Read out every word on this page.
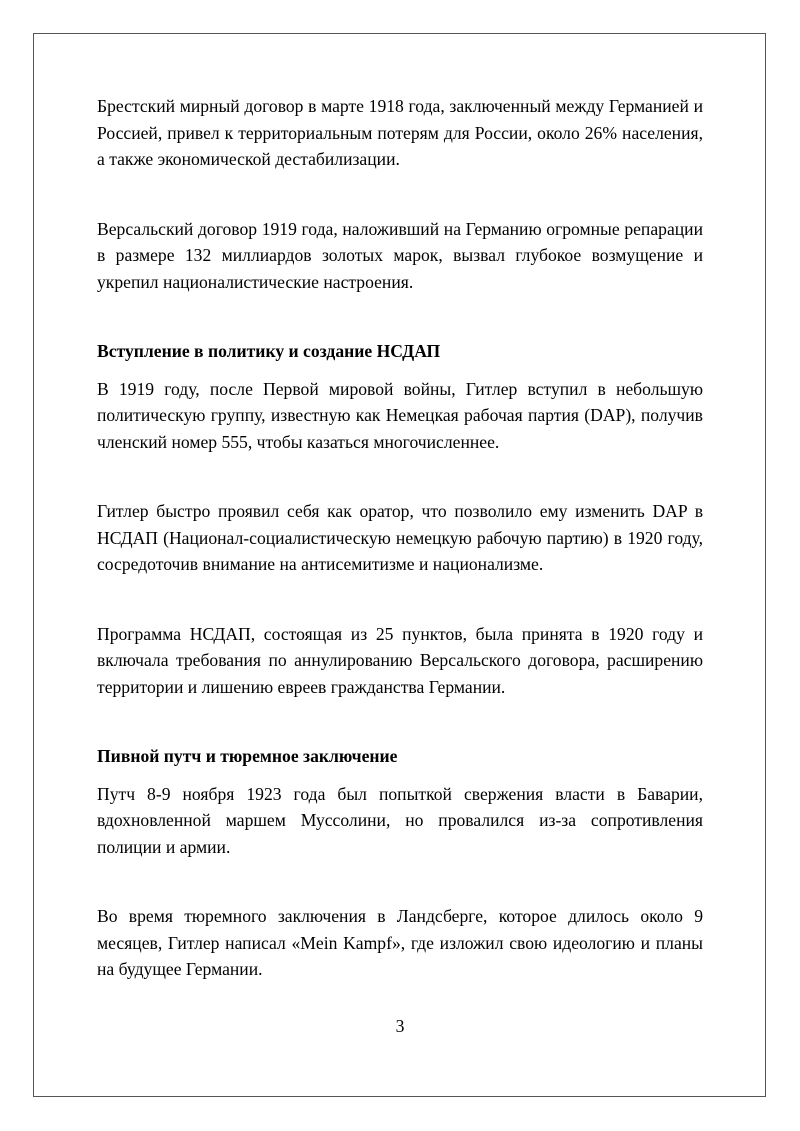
Брестский мирный договор в марте 1918 года, заключенный между Германией и Россией, привел к территориальным потерям для России, около 26% населения, а также экономической дестабилизации.

Версальский договор 1919 года, наложивший на Германию огромные репарации в размере 132 миллиардов золотых марок, вызвал глубокое возмущение и укрепил националистические настроения.

Вступление в политику и создание НСДАП

В 1919 году, после Первой мировой войны, Гитлер вступил в небольшую политическую группу, известную как Немецкая рабочая партия (DAP), получив членский номер 555, чтобы казаться многочисленнее.

Гитлер быстро проявил себя как оратор, что позволило ему изменить DAP в НСДАП (Национал-социалистическую немецкую рабочую партию) в 1920 году, сосредоточив внимание на антисемитизме и национализме.

Программа НСДАП, состоящая из 25 пунктов, была принята в 1920 году и включала требования по аннулированию Версальского договора, расширению территории и лишению евреев гражданства Германии.

Пивной путч и тюремное заключение

Путч 8-9 ноября 1923 года был попыткой свержения власти в Баварии, вдохновленной маршем Муссолини, но провалился из-за сопротивления полиции и армии.

Во время тюремного заключения в Ландсберге, которое длилось около 9 месяцев, Гитлер написал «Mein Kampf», где изложил свою идеологию и планы на будущее Германии.

3
